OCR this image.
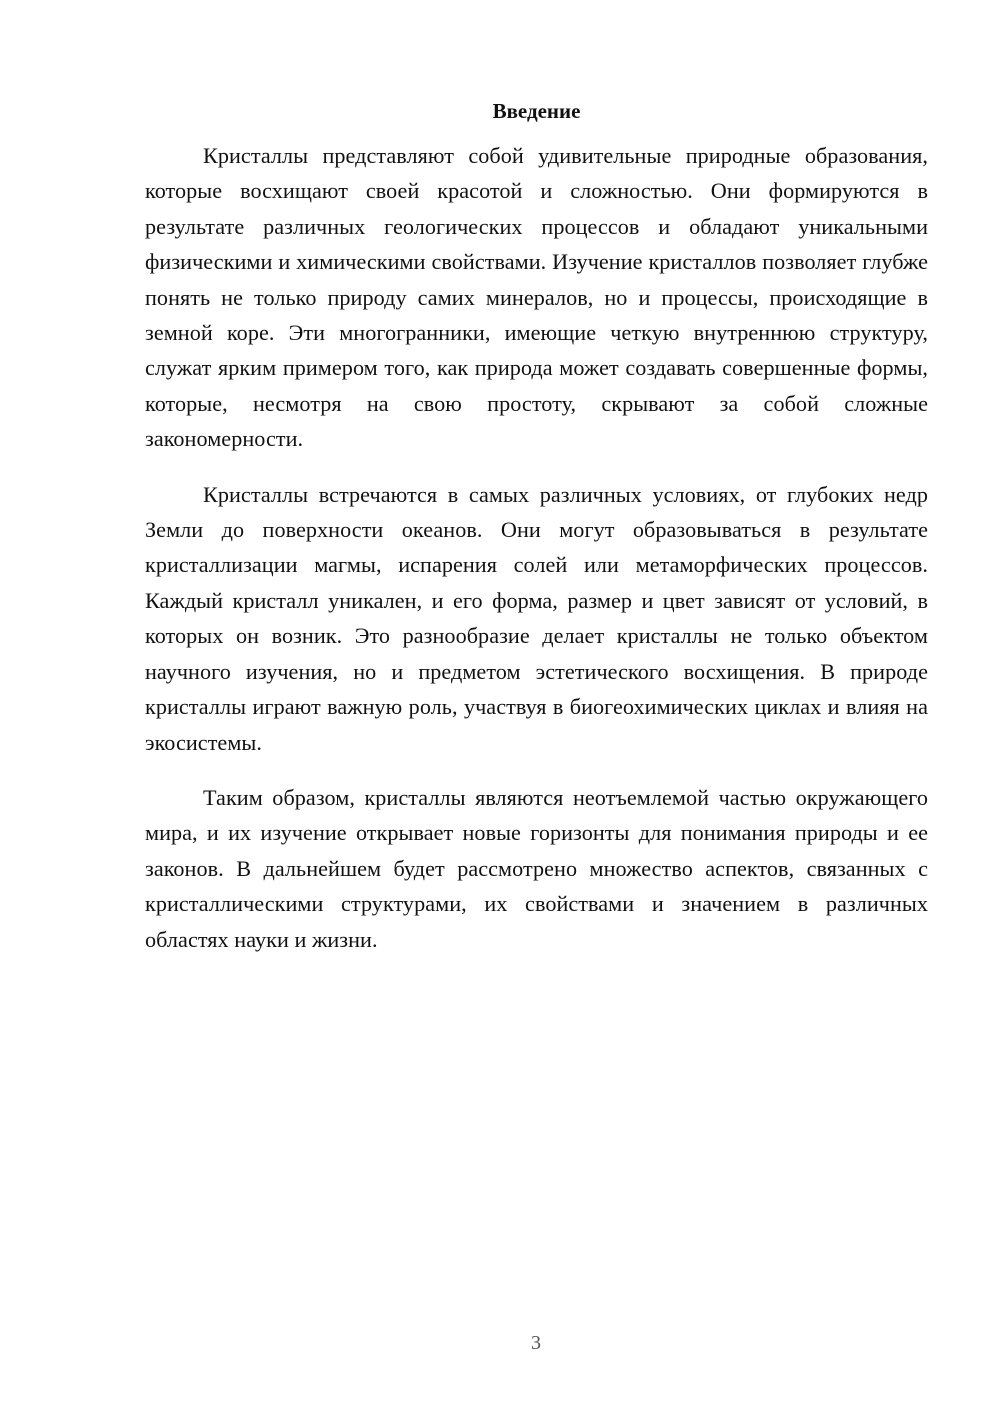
Введение

Кристаллы представляют собой удивительные природные образования, которые восхищают своей красотой и сложностью. Они формируются в результате различных геологических процессов и обладают уникальными физическими и химическими свойствами. Изучение кристаллов позволяет глубже понять не только природу самих минералов, но и процессы, происходящие в земной коре. Эти многогранники, имеющие четкую внутреннюю структуру, служат ярким примером того, как природа может создавать совершенные формы, которые, несмотря на свою простоту, скрывают за собой сложные закономерности.

Кристаллы встречаются в самых различных условиях, от глубоких недр Земли до поверхности океанов. Они могут образовываться в результате кристаллизации магмы, испарения солей или метаморфических процессов. Каждый кристалл уникален, и его форма, размер и цвет зависят от условий, в которых он возник. Это разнообразие делает кристаллы не только объектом научного изучения, но и предметом эстетического восхищения. В природе кристаллы играют важную роль, участвуя в биогеохимических циклах и влияя на экосистемы.

Таким образом, кристаллы являются неотъемлемой частью окружающего мира, и их изучение открывает новые горизонты для понимания природы и ее законов. В дальнейшем будет рассмотрено множество аспектов, связанных с кристаллическими структурами, их свойствами и значением в различных областях науки и жизни.

3
